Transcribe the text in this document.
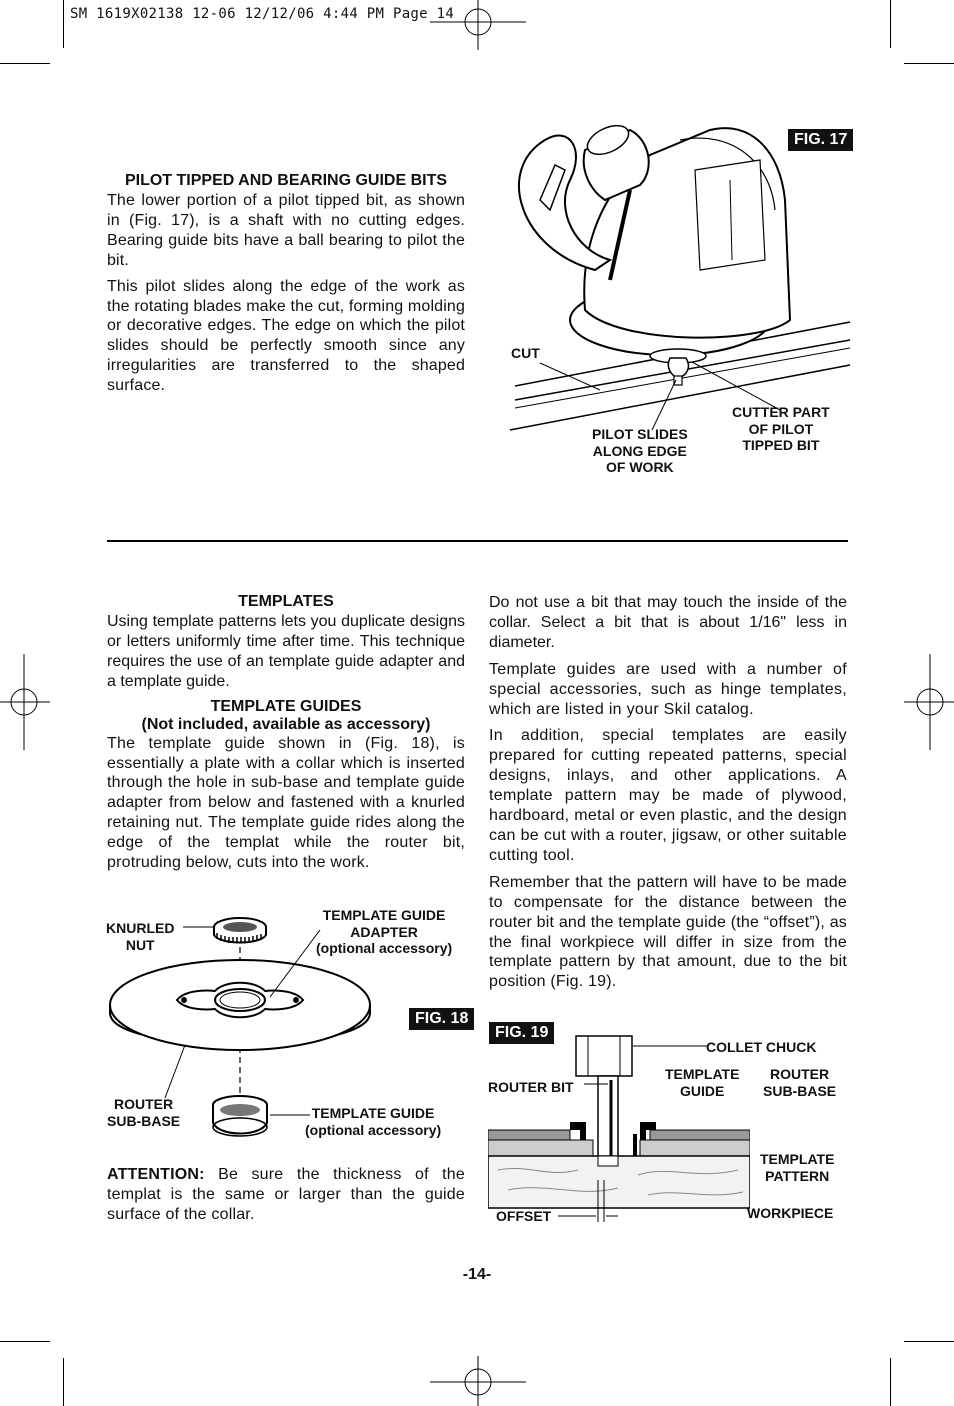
SM 1619X02138 12-06 12/12/06 4:44 PM Page 14
PILOT TIPPED AND BEARING GUIDE BITS

The lower portion of a pilot tipped bit, as shown in (Fig. 17), is a shaft with no cutting edges. Bearing guide bits have a ball bearing to pilot the bit.

This pilot slides along the edge of the work as the rotating blades make the cut, forming molding or decorative edges. The edge on which the pilot slides should be perfectly smooth since any irregularities are transferred to the shaped surface.

FIG. 17
CUT
PILOT SLIDES
ALONG EDGE
OF WORK
CUTTER PART
OF PILOT
TIPPED BIT
TEMPLATES

Using template patterns lets you duplicate designs or letters uniformly time after time. This technique requires the use of an template guide adapter and a template guide.

TEMPLATE GUIDES
(Not included, available as accessory)

The template guide shown in (Fig. 18), is essentially a plate with a collar which is inserted through the hole in sub-base and template guide adapter from below and fastened with a knurled retaining nut. The template guide rides along the edge of the templat while the router bit, protruding below, cuts into the work.

FIG. 18
KNURLED
NUT
TEMPLATE GUIDE
ADAPTER
(optional accessory)
ROUTER
SUB-BASE	TEMPLATE GUIDE
(optional accessory)

ATTENTION: Be sure the thickness of the templat is the same or larger than the guide surface of the collar.

Do not use a bit that may touch the inside of the collar. Select a bit that is about 1/16" less in diameter.

Template guides are used with a number of special accessories, such as hinge templates, which are listed in your Skil catalog.

In addition, special templates are easily prepared for cutting repeated patterns, special designs, inlays, and other applications. A template pattern may be made of plywood, hardboard, metal or even plastic, and the design can be cut with a router, jigsaw, or other suitable cutting tool.

Remember that the pattern will have to be made to compensate for the distance between the router bit and the template guide (the “offset”), as the final workpiece will differ in size from the template pattern by that amount, due to the bit position (Fig. 19).

FIG. 19
COLLET CHUCK
ROUTER BIT
TEMPLATE
GUIDE
ROUTER
SUB-BASE
TEMPLATE
PATTERN
OFFSET	WORKPIECE
-14-
